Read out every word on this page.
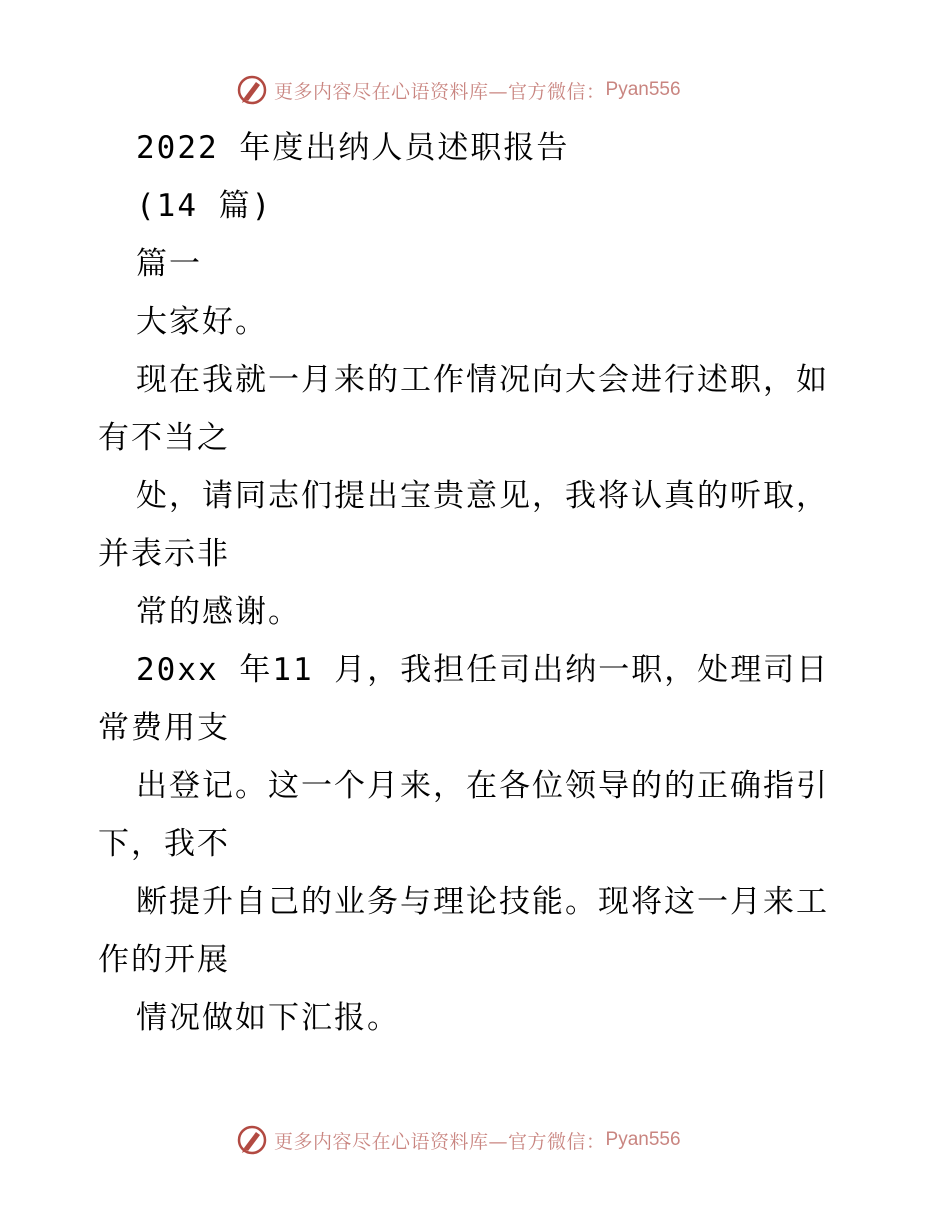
更多内容尽在心语资料库—官方微信： Pyan556
2022 年度出纳人员述职报告
(14 篇)
篇一
大家好。
现在我就一月来的工作情况向大会进行述职，如
有不当之
处，请同志们提出宝贵意见，我将认真的听取，
并表示非
常的感谢。
20xx 年11 月，我担任司出纳一职，处理司日
常费用支
出登记。这一个月来，在各位领导的的正确指引
下，我不
断提升自己的业务与理论技能。现将这一月来工
作的开展
情况做如下汇报。
更多内容尽在心语资料库—官方微信： Pyan556
